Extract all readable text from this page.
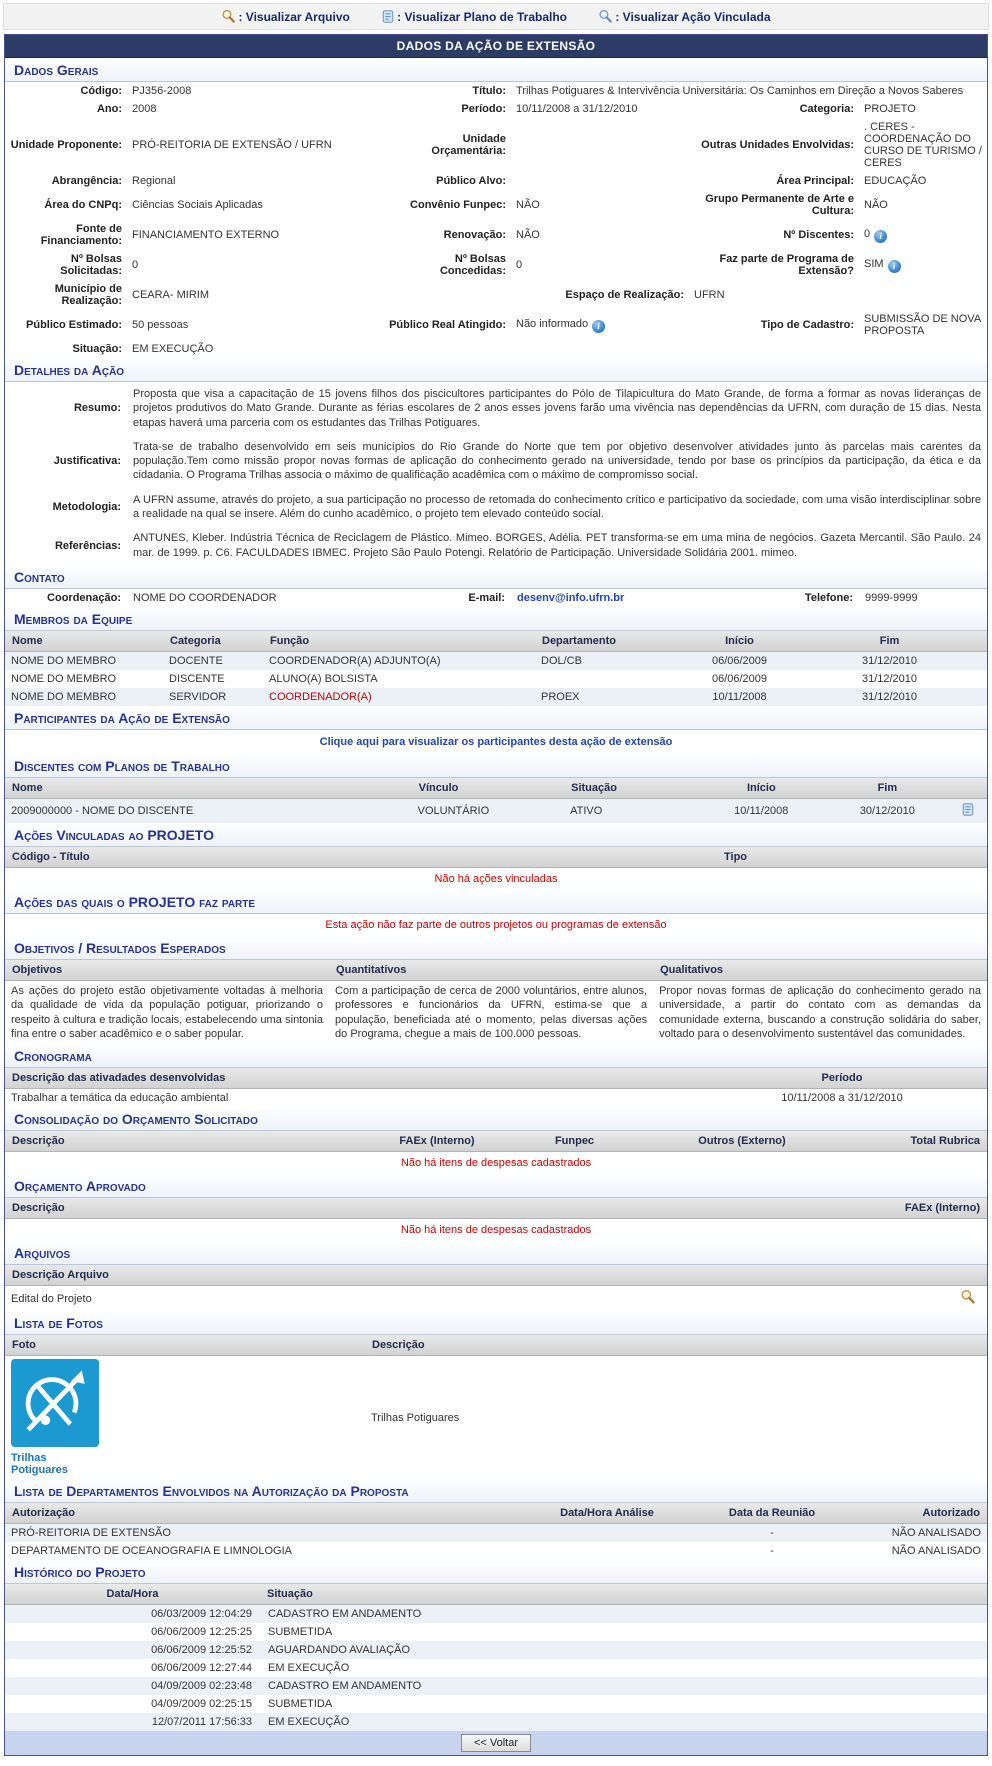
: Visualizar Arquivo	: Visualizar Plano de Trabalho	: Visualizar Ação Vinculada
DADOS DA AÇÃO DE EXTENSÃO
Dados Gerais
Código:	PJ356-2008	Título:	Trilhas Potiguares & Intervivência Universitária: Os Caminhos em Direção a Novos Saberes		
Ano:	2008	Período:	10/11/2008 a 31/12/2010	Categoria:	PROJETO
Unidade Proponente:	PRÓ-REITORIA DE EXTENSÃO / UFRN	Unidade Orçamentária:		Outras Unidades Envolvidas:	. CERES - COORDENAÇÃO DO CURSO DE TURISMO / CERES
Abrangência:	Regional	Público Alvo:		Área Principal:	EDUCAÇÃO
Área do CNPq:	Ciências Sociais Aplicadas	Convênio Funpec:	NÃO	Grupo Permanente de Arte e Cultura:	NÃO
Fonte de Financiamento:	FINANCIAMENTO EXTERNO	Renovação:	NÃO	Nº Discentes:	0i
Nº Bolsas Solicitadas:	0	Nº Bolsas Concedidas:	0	Faz parte de Programa de Extensão?	SIMi
Município de Realização:	CEARA- MIRIM	Espaço de Realização:		UFRN	
Público Estimado:	50 pessoas	Público Real Atingido:	Não informadoi	Tipo de Cadastro:	SUBMISSÃO DE NOVA PROPOSTA
Situação:	EM EXECUÇÃO				
Detalhes da Ação
Resumo:	Proposta que visa a capacitação de 15 jovens filhos dos piscicultores participantes do Pólo de Tilapicultura do Mato Grande, de forma a formar as novas lideranças de projetos produtivos do Mato Grande. Durante as férias escolares de 2 anos esses jovens farão uma vivência nas dependências da UFRN, com duração de 15 dias. Nesta etapas haverá uma parceria com os estudantes das Trilhas Potiguares.
Justificativa:	Trata-se de trabalho desenvolvido em seis municípios do Rio Grande do Norte que tem por objetivo desenvolver atividades junto às parcelas mais carentes da população.Tem como missão propor novas formas de aplicação do conhecimento gerado na universidade, tendo por base os princípios da participação, da ética e da cidadania. O Programa Trilhas associa o máximo de qualificação acadêmica com o máximo de compromisso social.
Metodologia:	A UFRN assume, através do projeto, a sua participação no processo de retomada do conhecimento crítico e participativo da sociedade, com uma visão interdisciplinar sobre a realidade na qual se insere. Além do cunho acadêmico, o projeto tem elevado conteúdo social.
Referências:	ANTUNES, Kleber. Indústria Técnica de Reciclagem de Plástico. Mimeo. BORGES, Adélia. PET transforma-se em uma mina de negócios. Gazeta Mercantil. São Paulo. 24 mar. de 1999. p. C6. FACULDADES IBMEC. Projeto São Paulo Potengi. Relatório de Participação. Universidade Solidária 2001. mimeo.
Contato
Coordenação:	NOME DO COORDENADOR	E-mail:	desenv@info.ufrn.br	Telefone:	9999-9999
Membros da Equipe
Nome	Categoria	Função	Departamento	Início	Fim
NOME DO MEMBRO	DOCENTE	COORDENADOR(A) ADJUNTO(A)	DOL/CB	06/06/2009	31/12/2010
NOME DO MEMBRO	DISCENTE	ALUNO(A) BOLSISTA		06/06/2009	31/12/2010
NOME DO MEMBRO	SERVIDOR	COORDENADOR(A)	PROEX	10/11/2008	31/12/2010
Participantes da Ação de Extensão
Clique aqui para visualizar os participantes desta ação de extensão
Discentes com Planos de Trabalho
Nome	Vínculo	Situação	Início	Fim	
2009000000 - NOME DO DISCENTE	VOLUNTÁRIO	ATIVO	10/11/2008	30/12/2010	
Ações Vinculadas ao PROJETO
Código - Título	Tipo
Não há ações vinculadas
Ações das quais o PROJETO faz parte
Esta ação não faz parte de outros projetos ou programas de extensão
Objetivos / Resultados Esperados
Objetivos	Quantitativos	Qualitativos
As ações do projeto estão objetivamente voltadas à melhoria da qualidade de vida da população potiguar, priorizando o respeito à cultura e tradição locais, estabelecendo uma sintonia fina entre o saber acadêmico e o saber popular.	Com a participação de cerca de 2000 voluntários, entre alunos, professores e funcionários da UFRN, estima-se que a população, beneficiada até o momento, pelas diversas ações do Programa, chegue a mais de 100.000 pessoas.	Propor novas formas de aplicação do conhecimento gerado na universidade, a partir do contato com as demandas da comunidade externa, buscando a construção solidária do saber, voltado para o desenvolvimento sustentável das comunidades.
Cronograma
Descrição das ativadades desenvolvidas	Período
Trabalhar a temática da educação ambiental	10/11/2008 a 31/12/2010
Consolidação do Orçamento Solicitado
Descrição	FAEx (Interno)	Funpec	Outros (Externo)	Total Rubrica
Não há itens de despesas cadastrados
Orçamento Aprovado
Descrição	FAEx (Interno)
Não há itens de despesas cadastrados
Arquivos
Descrição Arquivo
Edital do Projeto	
Lista de Fotos
Foto	Descrição

Trilhas Potiguares	Trilhas Potiguares
Lista de Departamentos Envolvidos na Autorização da Proposta
Autorização	Data/Hora Análise	Data da Reunião	Autorizado
PRÓ-REITORIA DE EXTENSÃO		-	NÃO ANALISADO
DEPARTAMENTO DE OCEANOGRAFIA E LIMNOLOGIA		-	NÃO ANALISADO
Histórico do Projeto
Data/Hora	Situação
06/03/2009 12:04:29	CADASTRO EM ANDAMENTO
06/06/2009 12:25:25	SUBMETIDA
06/06/2009 12:25:52	AGUARDANDO AVALIAÇÃO
06/06/2009 12:27:44	EM EXECUÇÃO
04/09/2009 02:23:48	CADASTRO EM ANDAMENTO
04/09/2009 02:25:15	SUBMETIDA
12/07/2011 17:56:33	EM EXECUÇÃO
<< Voltar
